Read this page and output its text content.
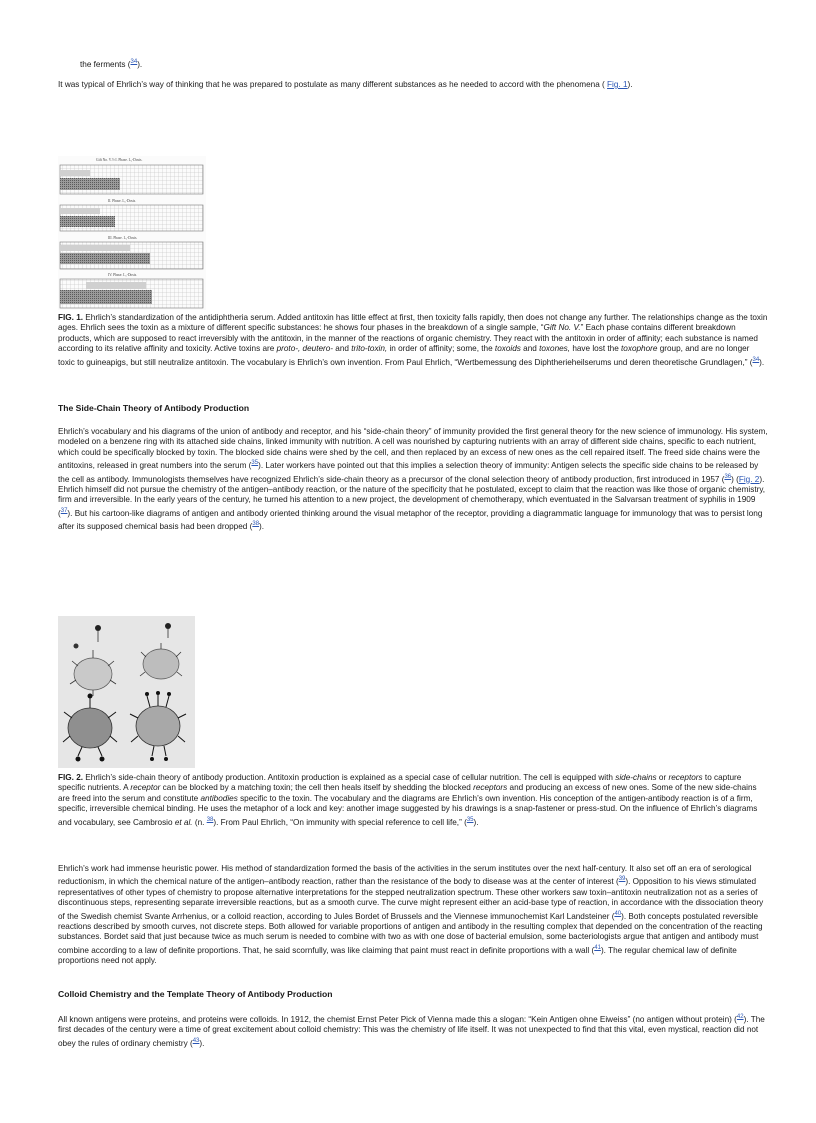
the ferments ($^{34}$).
It was typical of Ehrlich’s way of thinking that he was prepared to postulate as many different substances as he needed to accord with the phenomena ( Fig. 1).
Gift No. V.½ I. Phase. L₀-Dosis.
II. Phase. L₀-Dosis.
III. Phase. L₀-Dosis.
IV. Phase. L₀-Dosis.
FIG. 1. Ehrlich’s standardization of the antidiphtheria serum. Added antitoxin has little effect at first, then toxicity falls rapidly, then does not change any further. The relationships change as the toxin ages. Ehrlich sees the toxin as a mixture of different specific substances: he shows four phases in the breakdown of a single sample, “Gift No. V.” Each phase contains different breakdown products, which are supposed to react irreversibly with the antitoxin, in the manner of the reactions of organic chemistry. They react with the antitoxin in order of affinity; each substance is named according to its relative affinity and toxicity. Active toxins are proto-, deutero- and trito-toxin, in order of affinity; some, the toxoids and toxones, have lost the toxophore group, and are no longer toxic to guineapigs, but still neutralize antitoxin. The vocabulary is Ehrlich’s own invention. From Paul Ehrlich, “Wertbemessung des Diphtherieheilserums und deren theoretische Grundlagen,” ($^{34}$).
The Side-Chain Theory of Antibody Production
Ehrlich’s vocabulary and his diagrams of the union of antibody and receptor, and his “side-chain theory” of immunity provided the first general theory for the new science of immunology. His system, modeled on a benzene ring with its attached side chains, linked immunity with nutrition. A cell was nourished by capturing nutrients with an array of different side chains, specific to each nutrient, which could be specifically blocked by toxin. The blocked side chains were shed by the cell, and then replaced by an excess of new ones as the cell repaired itself. The freed side chains were the antitoxins, released in great numbers into the serum ($^{35}$). Later workers have pointed out that this implies a selection theory of immunity: Antigen selects the specific side chains to be released by the cell as antibody. Immunologists themselves have recognized Ehrlich’s side-chain theory as a precursor of the clonal selection theory of antibody production, first introduced in 1957 ($^{36}$) (Fig. 2). Ehrlich himself did not pursue the chemistry of the antigen–antibody reaction, or the nature of the specificity that he postulated, except to claim that the reaction was like those of organic chemistry, firm and irreversible. In the early years of the century, he turned his attention to a new project, the development of chemotherapy, which eventuated in the Salvarsan treatment of syphilis in 1909 ($^{37}$). But his cartoon-like diagrams of antigen and antibody oriented thinking around the visual metaphor of the receptor, providing a diagrammatic language for immunology that was to persist long after its supposed chemical basis had been dropped ($^{38}$).
FIG. 2. Ehrlich’s side-chain theory of antibody production. Antitoxin production is explained as a special case of cellular nutrition. The cell is equipped with side-chains or receptors to capture specific nutrients. A receptor can be blocked by a matching toxin; the cell then heals itself by shedding the blocked receptors and producing an excess of new ones. Some of the new side-chains are freed into the serum and constitute antibodies specific to the toxin. The vocabulary and the diagrams are Ehrlich’s own invention. His conception of the antigen-antibody reaction is of a firm, specific, irreversible chemical binding. He uses the metaphor of a lock and key: another image suggested by his drawings is a snap-fastener or press-stud. On the influence of Ehrlich’s diagrams and vocabulary, see Cambrosio et al. (n. $^{38}$). From Paul Ehrlich, “On immunity with special reference to cell life,” ($^{35}$).
Ehrlich’s work had immense heuristic power. His method of standardization formed the basis of the activities in the serum institutes over the next half-century. It also set off an era of serological reductionism, in which the chemical nature of the antigen–antibody reaction, rather than the resistance of the body to disease was at the center of interest ($^{39}$). Opposition to his views stimulated representatives of other types of chemistry to propose alternative interpretations for the stepped neutralization spectrum. These other workers saw toxin–antitoxin neutralization not as a series of discontinuous steps, representing separate irreversible reactions, but as a smooth curve. The curve might represent either an acid-base type of reaction, in accordance with the dissociation theory of the Swedish chemist Svante Arrhenius, or a colloid reaction, according to Jules Bordet of Brussels and the Viennese immunochemist Karl Landsteiner ($^{40}$). Both concepts postulated reversible reactions described by smooth curves, not discrete steps. Both allowed for variable proportions of antigen and antibody in the resulting complex that depended on the concentration of the reacting substances. Bordet said that just because twice as much serum is needed to combine with two as with one dose of bacterial emulsion, some bacteriologists argue that antigen and antibody must combine according to a law of definite proportions. That, he said scornfully, was like claiming that paint must react in definite proportions with a wall ($^{41}$). The regular chemical law of definite proportions need not apply.
Colloid Chemistry and the Template Theory of Antibody Production
All known antigens were proteins, and proteins were colloids. In 1912, the chemist Ernst Peter Pick of Vienna made this a slogan: “Kein Antigen ohne Eiweiss” (no antigen without protein) ($^{42}$). The first decades of the century were a time of great excitement about colloid chemistry: This was the chemistry of life itself. It was not unexpected to find that this vital, even mystical, reaction did not obey the rules of ordinary chemistry ($^{43}$).
